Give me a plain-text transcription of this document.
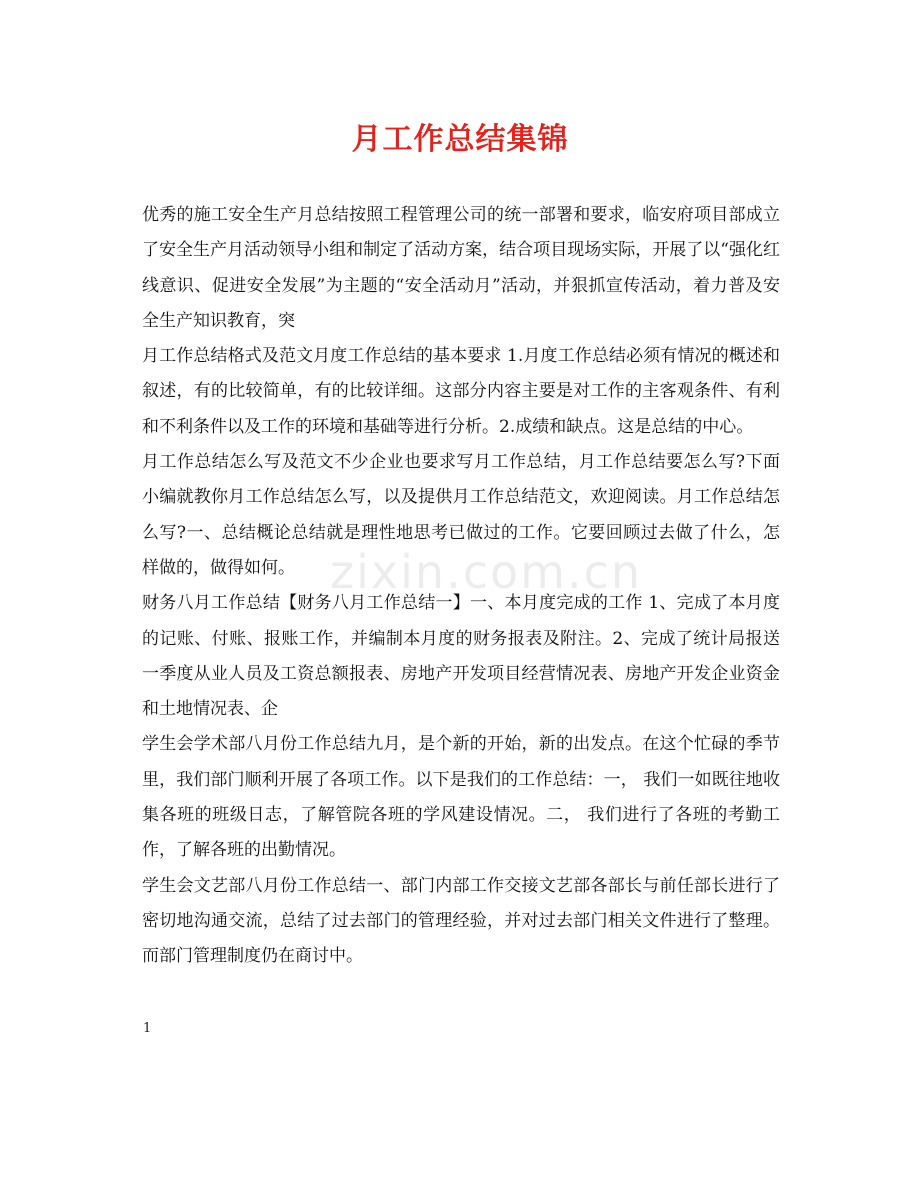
月工作总结集锦

优秀的施工安全生产月总结按照工程管理公司的统一部署和要求，临安府项目部成立了安全生产月活动领导小组和制定了活动方案，结合项目现场实际，开展了以“强化红线意识、促进安全发展”为主题的“安全活动月”活动，并狠抓宣传活动，着力普及安全生产知识教育，突

月工作总结格式及范文月度工作总结的基本要求 1.月度工作总结必须有情况的概述和叙述，有的比较简单，有的比较详细。这部分内容主要是对工作的主客观条件、有利和不利条件以及工作的环境和基础等进行分析。2.成绩和缺点。这是总结的中心。

月工作总结怎么写及范文不少企业也要求写月工作总结，月工作总结要怎么写?下面小编就教你月工作总结怎么写，以及提供月工作总结范文，欢迎阅读。月工作总结怎么写?一、总结概论总结就是理性地思考已做过的工作。它要回顾过去做了什么，怎样做的，做得如何。

财务八月工作总结【财务八月工作总结一】一、本月度完成的工作 1、完成了本月度的记账、付账、报账工作，并编制本月度的财务报表及附注。2、完成了统计局报送一季度从业人员及工资总额报表、房地产开发项目经营情况表、房地产开发企业资金和土地情况表、企

学生会学术部八月份工作总结九月，是个新的开始，新的出发点。在这个忙碌的季节里，我们部门顺利开展了各项工作。以下是我们的工作总结：一， 我们一如既往地收集各班的班级日志，了解管院各班的学风建设情况。二， 我们进行了各班的考勤工作，了解各班的出勤情况。

学生会文艺部八月份工作总结一、部门内部工作交接文艺部各部长与前任部长进行了密切地沟通交流，总结了过去部门的管理经验，并对过去部门相关文件进行了整理。而部门管理制度仍在商讨中。

zixin.com.cn
1
